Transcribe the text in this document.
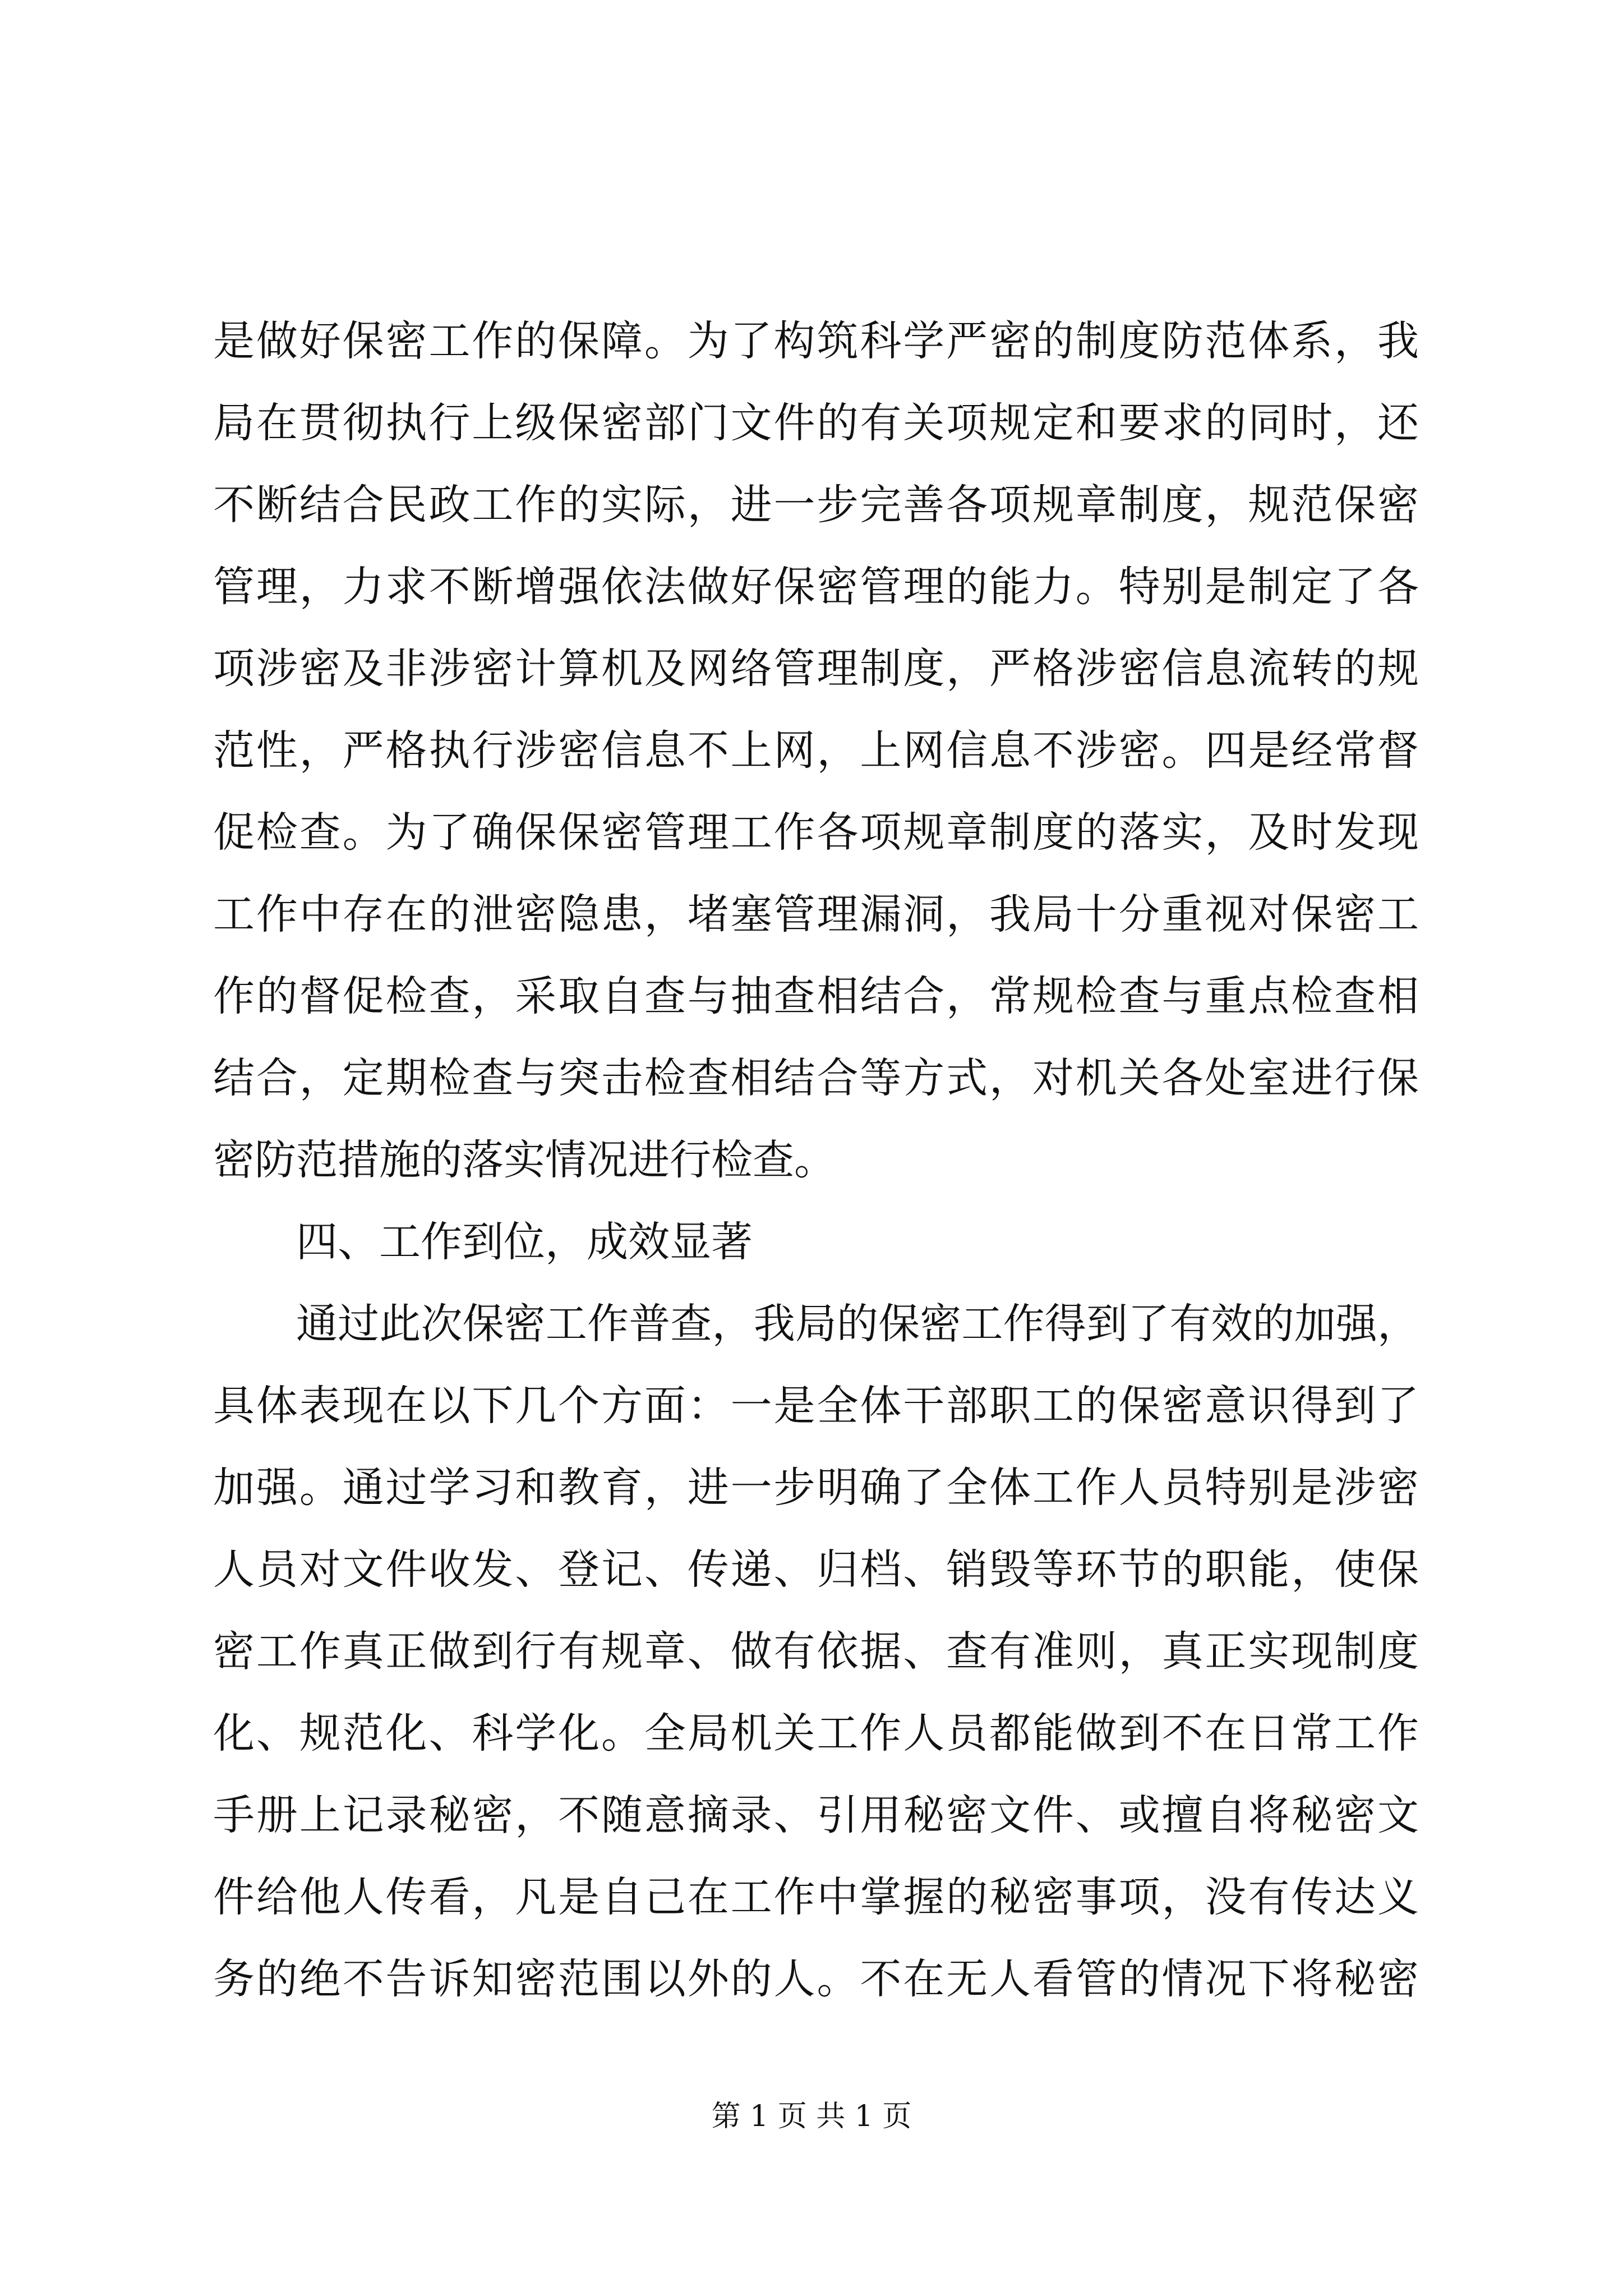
是做好保密工作的保障。为了构筑科学严密的制度防范体系，我
局在贯彻执行上级保密部门文件的有关项规定和要求的同时，还
不断结合民政工作的实际，进一步完善各项规章制度，规范保密
管理，力求不断增强依法做好保密管理的能力。特别是制定了各
项涉密及非涉密计算机及网络管理制度，严格涉密信息流转的规
范性，严格执行涉密信息不上网，上网信息不涉密。四是经常督
促检查。为了确保保密管理工作各项规章制度的落实，及时发现
工作中存在的泄密隐患，堵塞管理漏洞，我局十分重视对保密工
作的督促检查，采取自查与抽查相结合，常规检查与重点检查相
结合，定期检查与突击检查相结合等方式，对机关各处室进行保
密防范措施的落实情况进行检查。
四、工作到位，成效显著
通过此次保密工作普查，我局的保密工作得到了有效的加强，
具体表现在以下几个方面：一是全体干部职工的保密意识得到了
加强。通过学习和教育，进一步明确了全体工作人员特别是涉密
人员对文件收发、登记、传递、归档、销毁等环节的职能，使保
密工作真正做到行有规章、做有依据、查有准则，真正实现制度
化、规范化、科学化。全局机关工作人员都能做到不在日常工作
手册上记录秘密，不随意摘录、引用秘密文件、或擅自将秘密文
件给他人传看，凡是自己在工作中掌握的秘密事项，没有传达义
务的绝不告诉知密范围以外的人。不在无人看管的情况下将秘密
第 1 页 共 1 页
